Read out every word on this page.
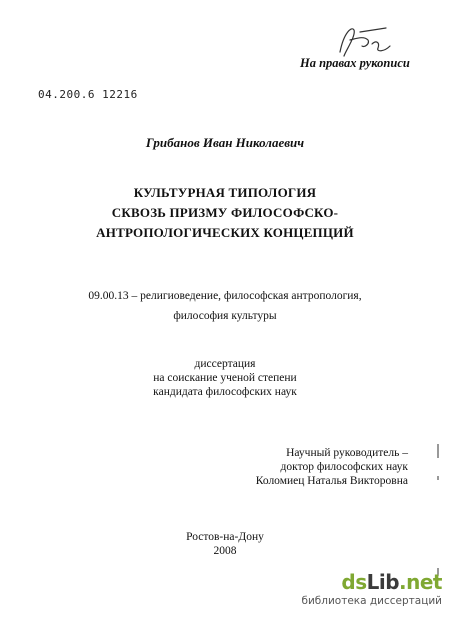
На правах рукописи
04.200.6 12216
Грибанов Иван Николаевич
КУЛЬТУРНАЯ ТИПОЛОГИЯ
СКВОЗЬ ПРИЗМУ ФИЛОСОФСКО-
АНТРОПОЛОГИЧЕСКИХ КОНЦЕПЦИЙ
09.00.13 – религиоведение, философская антропология,
философия культуры
диссертация
на соискание ученой степени
кандидата философских наук
Научный руководитель –
доктор философских наук
Коломиец Наталья Викторовна
Ростов-на-Дону
2008
dsLib.net
библиотека диссертаций
